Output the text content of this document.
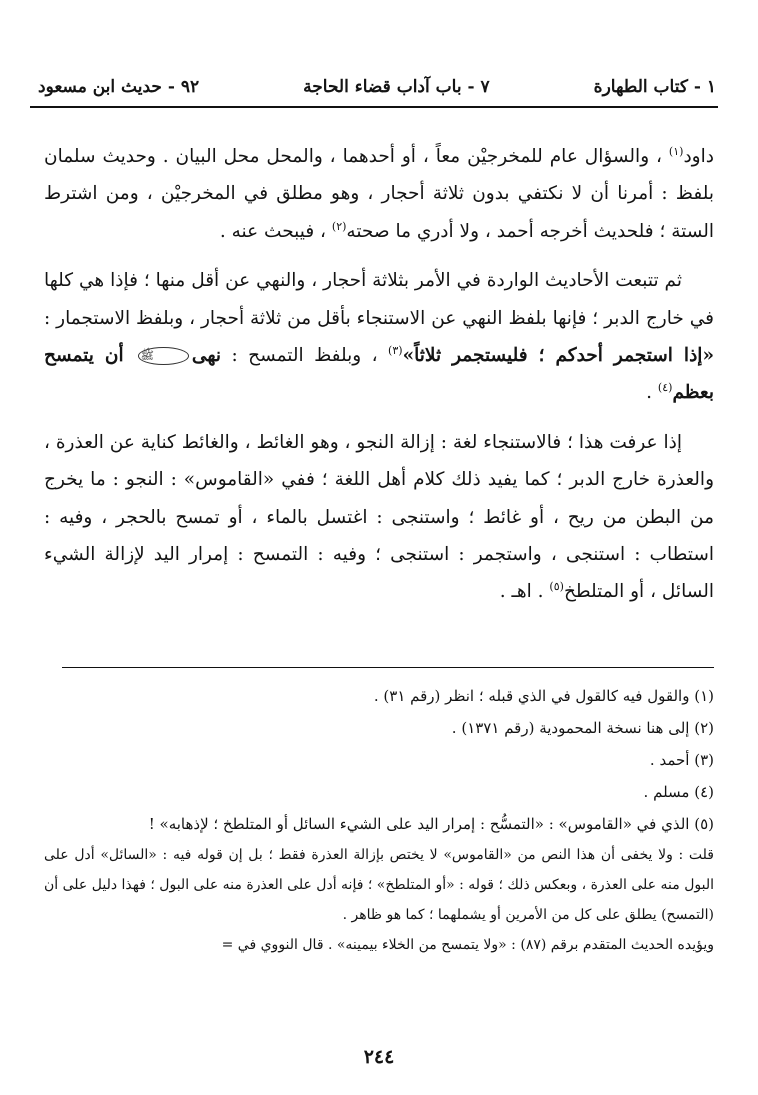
٩٢ - حديث ابن مسعود	٧ - باب آداب قضاء الحاجة	١ - كتاب الطهارة

داود$^{(١)}$ ، والسؤال عام للمخرجيْن معاً ، أو أحدهما ، والمحل محل البيان . وحديث سلمان بلفظ : أمرنا أن لا نكتفي بدون ثلاثة أحجار ، وهو مطلق في المخرجيْن ، ومن اشترط الستة ؛ فلحديث أخرجه أحمد ، ولا أدري ما صحته$^{(٢)}$ ، فيبحث عنه .

ثم تتبعت الأحاديث الواردة في الأمر بثلاثة أحجار ، والنهي عن أقل منها ؛ فإذا هي كلها في خارج الدبر ؛ فإنها بلفظ النهي عن الاستنجاء بأقل من ثلاثة أحجار ، وبلفظ الاستجمار : «إذا استجمر أحدكم ؛ فليستجمر ثلاثاً»$^{(٣)}$ ، وبلفظ التمسح : نهىﷺ أن يتمسح بعظم$^{(٤)}$ .

إذا عرفت هذا ؛ فالاستنجاء لغة : إزالة النجو ، وهو الغائط ، والغائط كناية عن العذرة ، والعذرة خارج الدبر ؛ كما يفيد ذلك كلام أهل اللغة ؛ ففي «القاموس» : النجو : ما يخرج من البطن من ريح ، أو غائط ؛ واستنجى : اغتسل بالماء ، أو تمسح بالحجر ، وفيه : استطاب : استنجى ، واستجمر : استنجى ؛ وفيه : التمسح : إمرار اليد لإزالة الشيء السائل ، أو المتلطخ$^{(٥)}$ . اهـ .

(١) والقول فيه كالقول في الذي قبله ؛ انظر (رقم ٣١) .

(٢) إلى هنا نسخة المحمودية (رقم ١٣٧١) .

(٣) أحمد .

(٤) مسلم .

(٥) الذي في «القاموس» : «التمسُّح : إمرار اليد على الشيء السائل أو المتلطخ ؛ لإذهابه» !

قلت : ولا يخفى أن هذا النص من «القاموس» لا يختص بإزالة العذرة فقط ؛ بل إن قوله فيه : «السائل» أدل على البول منه على العذرة ، وبعكس ذلك ؛ قوله : «أو المتلطخ» ؛ فإنه أدل على العذرة منه على البول ؛ فهذا دليل على أن (التمسح) يطلق على كل من الأمرين أو يشملهما ؛ كما هو ظاهر .

ويؤيده الحديث المتقدم برقم (٨٧) : «ولا يتمسح من الخلاء بيمينه» . قال النووي في =

٢٤٤
